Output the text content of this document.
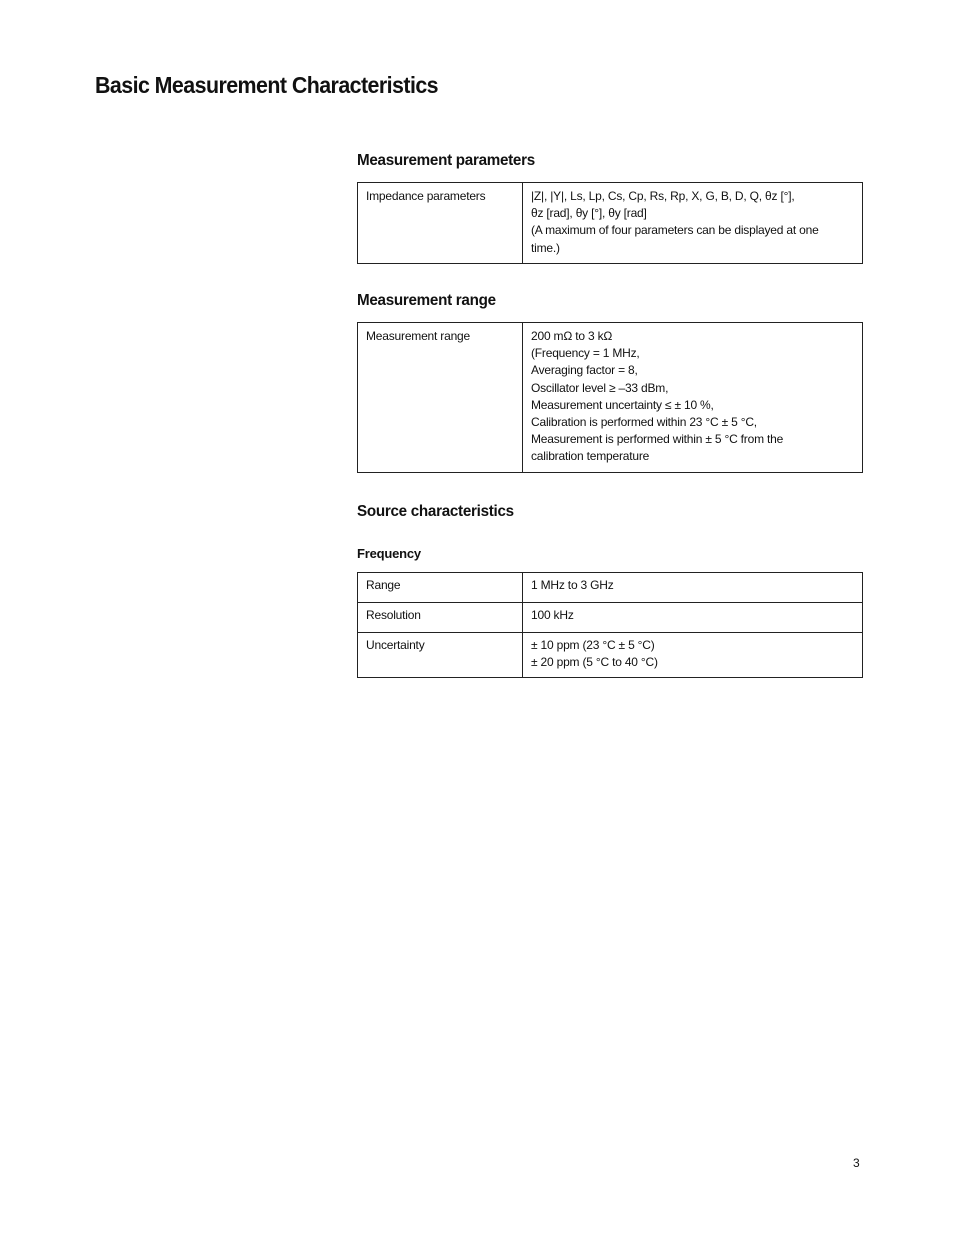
Basic Measurement Characteristics
Measurement parameters
Impedance parameters	|Z|, |Y|, Ls, Lp, Cs, Cp, Rs, Rp, X, G, B, D, Q, θz [°],
θz [rad], θy [°], θy [rad]
(A maximum of four parameters can be displayed at one
time.)
Measurement range
Measurement range	200 mΩ to 3 kΩ
(Frequency = 1 MHz,
Averaging factor = 8,
Oscillator level ≥ –33 dBm,
Measurement uncertainty ≤ ± 10 %,
Calibration is performed within 23 °C ± 5 °C,
Measurement is performed within ± 5 °C from the
calibration temperature
Source characteristics
Frequency
Range	1 MHz to 3 GHz

Resolution	100 kHz

Uncertainty	± 10 ppm (23 °C ± 5 °C)
± 20 ppm (5 °C to 40 °C)
3
